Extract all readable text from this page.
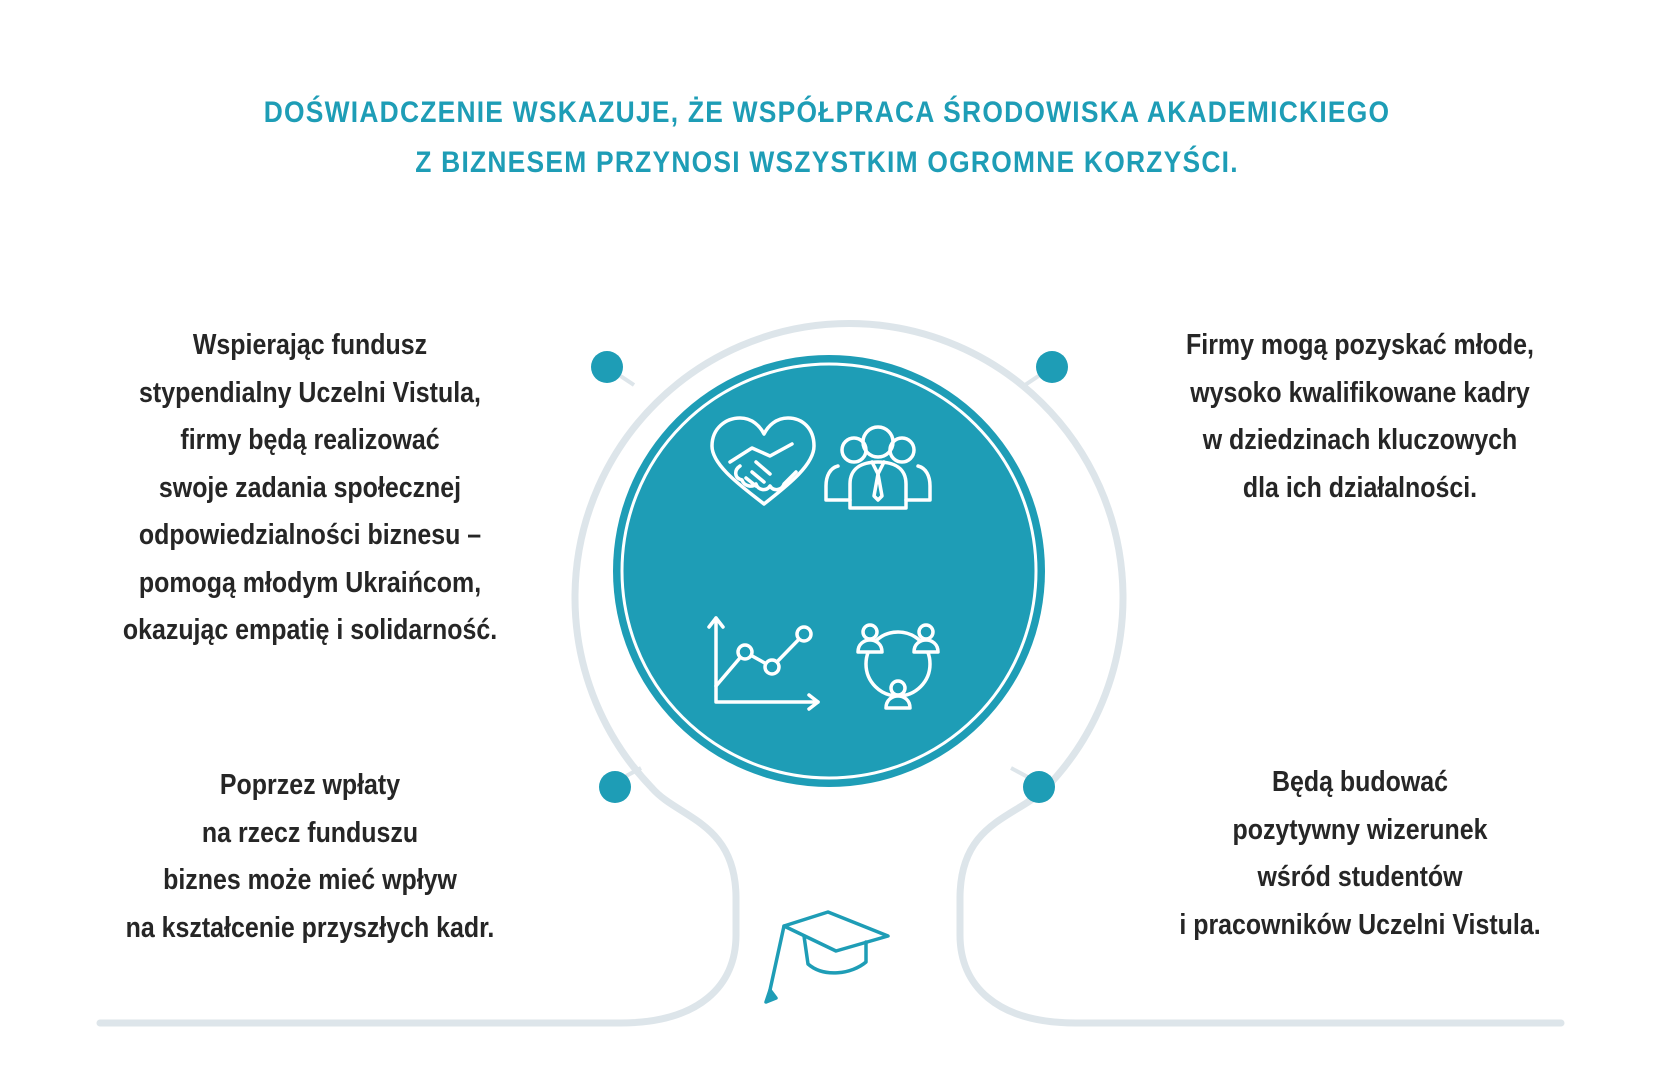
DOŚWIADCZENIE WSKAZUJE, ŻE WSPÓŁPRACA ŚRODOWISKA AKADEMICKIEGO
Z BIZNESEM PRZYNOSI WSZYSTKIM OGROMNE KORZYŚCI.
Wspierając fundusz
stypendialny Uczelni Vistula,
firmy będą realizować
swoje zadania społecznej
odpowiedzialności biznesu –
pomogą młodym Ukraińcom,
okazując empatię i solidarność.
Firmy mogą pozyskać młode,
wysoko kwalifikowane kadry
w dziedzinach kluczowych
dla ich działalności.
Poprzez wpłaty
na rzecz funduszu
biznes może mieć wpływ
na kształcenie przyszłych kadr.
Będą budować
pozytywny wizerunek
wśród studentów
i pracowników Uczelni Vistula.
